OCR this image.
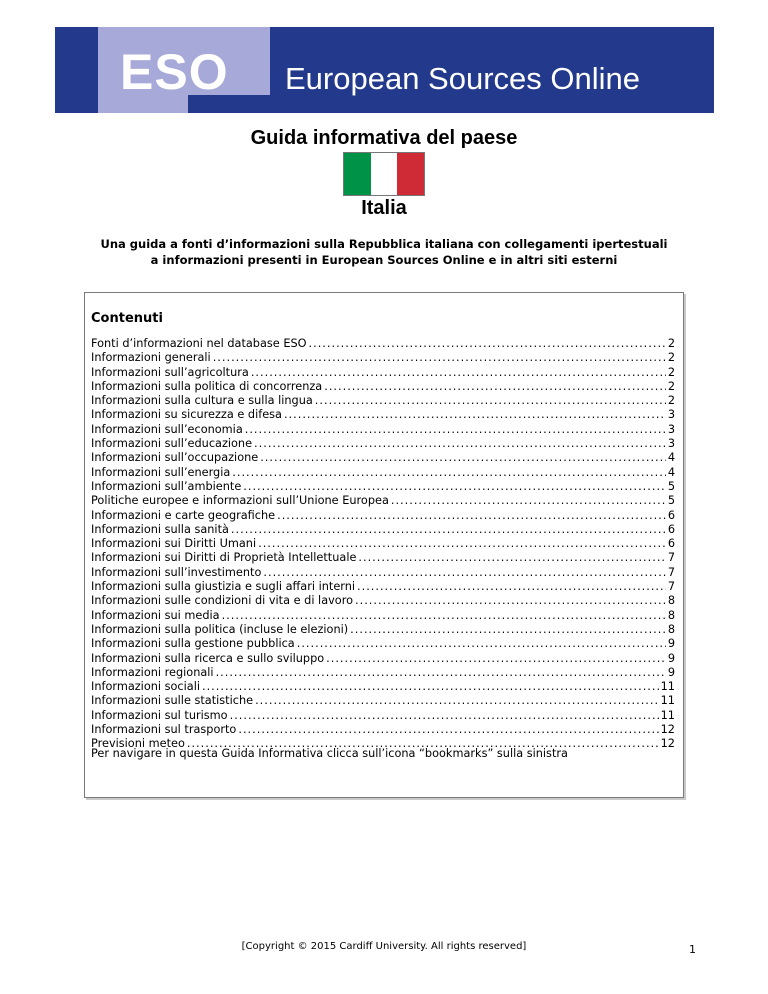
ESO European Sources Online
Guida informativa del paese
Italia
Una guida a fonti d’informazioni sulla Repubblica italiana con collegamenti ipertestuali a informazioni presenti in European Sources Online e in altri siti esterni
Contenuti
Fonti d’informazioni nel database ESO .....	2
Informazioni generali .....	2
Informazioni sull’agricoltura .....	2
Informazioni sulla politica di concorrenza .....	2
Informazioni sulla cultura e sulla lingua .....	2
Informazioni su sicurezza e difesa .....	3
Informazioni sull’economia .....	3
Informazioni sull’educazione .....	3
Informazioni sull’occupazione .....	4
Informazioni sull’energia .....	4
Informazioni sull’ambiente .....	5
Politiche europee e informazioni sull’Unione Europea .....	5
Informazioni e carte geografiche .....	6
Informazioni sulla sanità .....	6
Informazioni sui Diritti Umani .....	6
Informazioni sui Diritti di Proprietà Intellettuale .....	7
Informazioni sull’investimento .....	7
Informazioni sulla giustizia e sugli affari interni .....	7
Informazioni sulle condizioni di vita e di lavoro .....	8
Informazioni sui media .....	8
Informazioni sulla politica (incluse le elezioni) .....	8
Informazioni sulla gestione pubblica .....	9
Informazioni sulla ricerca e sullo sviluppo .....	9
Informazioni regionali .....	9
Informazioni sociali .....	11
Informazioni sulle statistiche .....	11
Informazioni sul turismo .....	11
Informazioni sul trasporto .....	12
Previsioni meteo .....	12
Per navigare in questa Guida Informativa clicca sull’icona “bookmarks” sulla sinistra
[Copyright © 2015 Cardiff University. All rights reserved]	1
